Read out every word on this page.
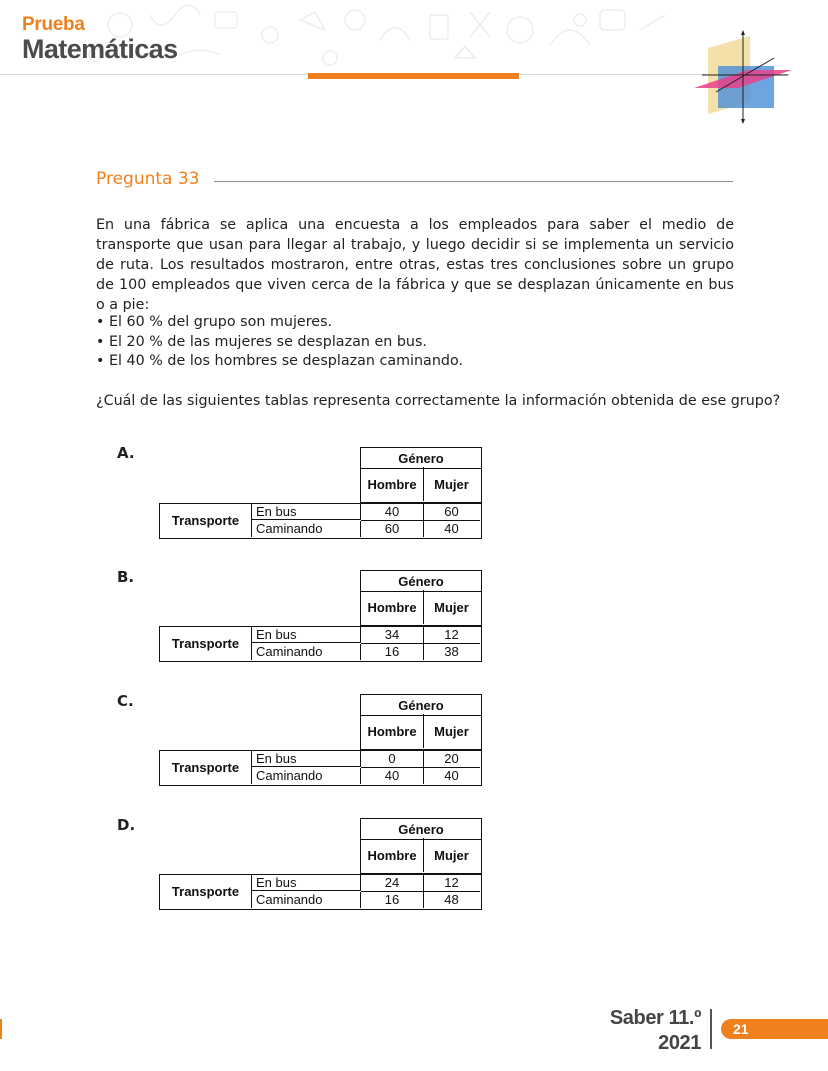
Prueba
Matemáticas
Pregunta 33

En una fábrica se aplica una encuesta a los empleados para saber el medio de transporte que usan para llegar al trabajo, y luego decidir si se implementa un servicio de ruta. Los resultados mostraron, entre otras, estas tres conclusiones sobre un grupo de 100 empleados que viven cerca de la fábrica y que se desplazan únicamente en bus o a pie:

• El 60 % del grupo son mujeres.
• El 20 % de las mujeres se desplazan en bus.
• El 40 % de los hombres se desplazan caminando.
¿Cuál de las siguientes tablas representa correctamente la información obtenida de ese grupo?
A.	Género
Hombre	Mujer
Transporte
En bus	40	60
Caminando	60	40
B.	Género
Hombre	Mujer
Transporte
En bus	34	12
Caminando	16	38
C.	Género
Hombre	Mujer
Transporte
En bus	0	20
Caminando	40	40
D.	Género
Hombre	Mujer
Transporte
En bus	24	12
Caminando	16	48
Saber 11.º
2021
21
